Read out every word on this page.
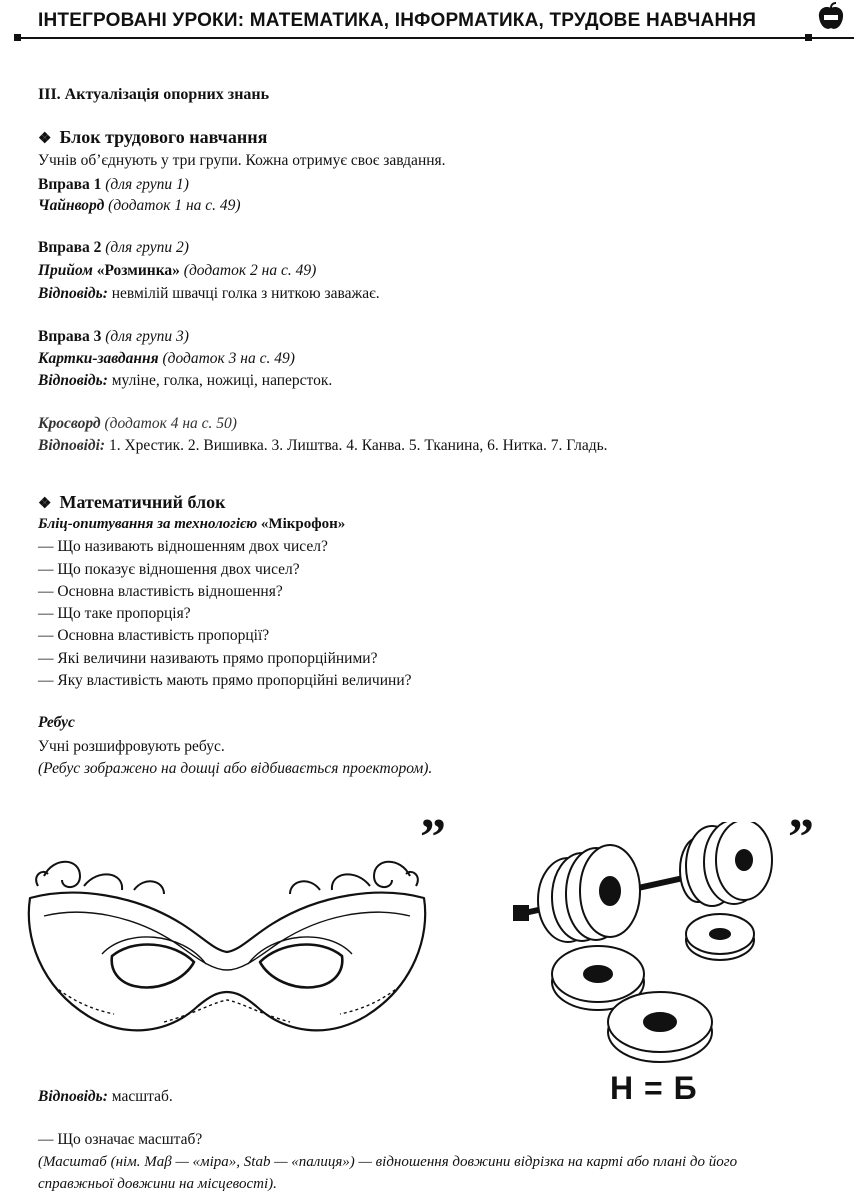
ІНТЕГРОВАНІ УРОКИ: МАТЕМАТИКА, ІНФОРМАТИКА, ТРУДОВЕ НАВЧАННЯ
ІІІ. Актуалізація опорних знань
❖ Блок трудового навчання
Учнів об’єднують у три групи. Кожна отримує своє завдання.
Вправа 1 (для групи 1)
Чайнворд (додаток 1 на с. 49)
Вправа 2 (для групи 2)
Прийом «Розминка» (додаток 2 на с. 49)
Відповідь: невмілій швачці голка з ниткою заважає.
Вправа 3 (для групи 3)
Картки-завдання (додаток 3 на с. 49)
Відповідь: муліне, голка, ножиці, наперсток.
Кросворд (додаток 4 на с. 50)
Відповіді: 1. Хрестик. 2. Вишивка. 3. Лиштва. 4. Канва. 5. Тканина, 6. Нитка. 7. Гладь.
❖ Математичний блок
Бліц-опитування за технологією «Мікрофон»
— Що називають відношенням двох чисел?
— Що показує відношення двох чисел?
— Основна властивість відношення?
— Що таке пропорція?
— Основна властивість пропорції?
— Які величини називають прямо пропорційними?
— Яку властивість мають прямо пропорційні величини?
Ребус
Учні розшифровують ребус.
(Ребус зображено на дошці або відбивається проектором).
”	”
Н = Б
Відповідь: масштаб.
— Що означає масштаб?
(Масштаб (нім. Maβ — «міра», Stab — «палиця») — відношення довжини відрізка на карті або плані до його
справжньої довжини на місцевості).
